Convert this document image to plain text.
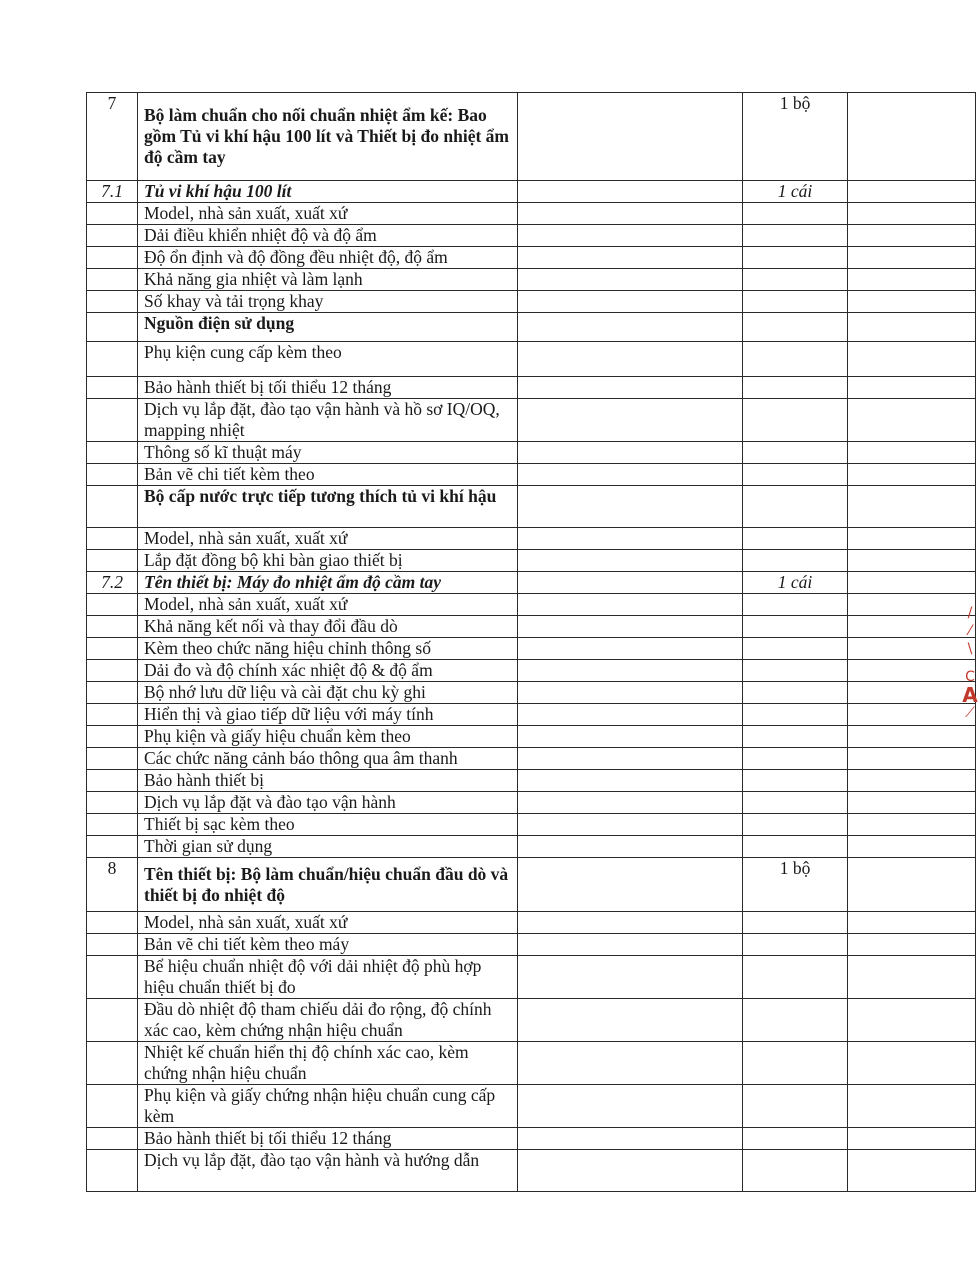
7	Bộ làm chuẩn cho nối chuẩn nhiệt ẩm kế: Bao gồm Tủ vi khí hậu 100 lít và Thiết bị đo nhiệt ẩm độ cầm tay		1 bộ	
7.1	Tủ vi khí hậu 100 lít		1 cái	
	Model, nhà sản xuất, xuất xứ			
	Dải điều khiển nhiệt độ và độ ẩm			
	Độ ổn định và độ đồng đều nhiệt độ, độ ẩm			
	Khả năng gia nhiệt và làm lạnh			
	Số khay và tải trọng khay			
	Nguồn điện sử dụng			
	Phụ kiện cung cấp kèm theo			
	Bảo hành thiết bị tối thiểu 12 tháng			
	Dịch vụ lắp đặt, đào tạo vận hành và hồ sơ IQ/OQ, mapping nhiệt			
	Thông số kĩ thuật máy			
	Bản vẽ chi tiết kèm theo			
	Bộ cấp nước trực tiếp tương thích tủ vi khí hậu			
	Model, nhà sản xuất, xuất xứ			
	Lắp đặt đồng bộ khi bàn giao thiết bị			
7.2	Tên thiết bị: Máy đo nhiệt ẩm độ cầm tay		1 cái	
	Model, nhà sản xuất, xuất xứ			
	Khả năng kết nối và thay đổi đầu dò			
	Kèm theo chức năng hiệu chỉnh thông số			
	Dải đo và độ chính xác nhiệt độ & độ ẩm			
	Bộ nhớ lưu dữ liệu và cài đặt chu kỳ ghi			
	Hiển thị và giao tiếp dữ liệu với máy tính			
	Phụ kiện và giấy hiệu chuẩn kèm theo			
	Các chức năng cảnh báo thông qua âm thanh			
	Bảo hành thiết bị			
	Dịch vụ lắp đặt và đào tạo vận hành			
	Thiết bị sạc kèm theo			
	Thời gian sử dụng			
8	Tên thiết bị: Bộ làm chuẩn/hiệu chuẩn đầu dò và thiết bị đo nhiệt độ		1 bộ	
	Model, nhà sản xuất, xuất xứ			
	Bản vẽ chi tiết kèm theo máy			
	Bể hiệu chuẩn nhiệt độ với dải nhiệt độ phù hợp hiệu chuẩn thiết bị đo			
	Đầu dò nhiệt độ tham chiếu dải đo rộng, độ chính xác cao, kèm chứng nhận hiệu chuẩn			
	Nhiệt kế chuẩn hiển thị độ chính xác cao, kèm chứng nhận hiệu chuẩn			
	Phụ kiện và giấy chứng nhận hiệu chuẩn cung cấp kèm			
	Bảo hành thiết bị tối thiểu 12 tháng			
	Dịch vụ lắp đặt, đào tạo vận hành và hướng dẫn			
/
⁄
\
C
A
⟋
